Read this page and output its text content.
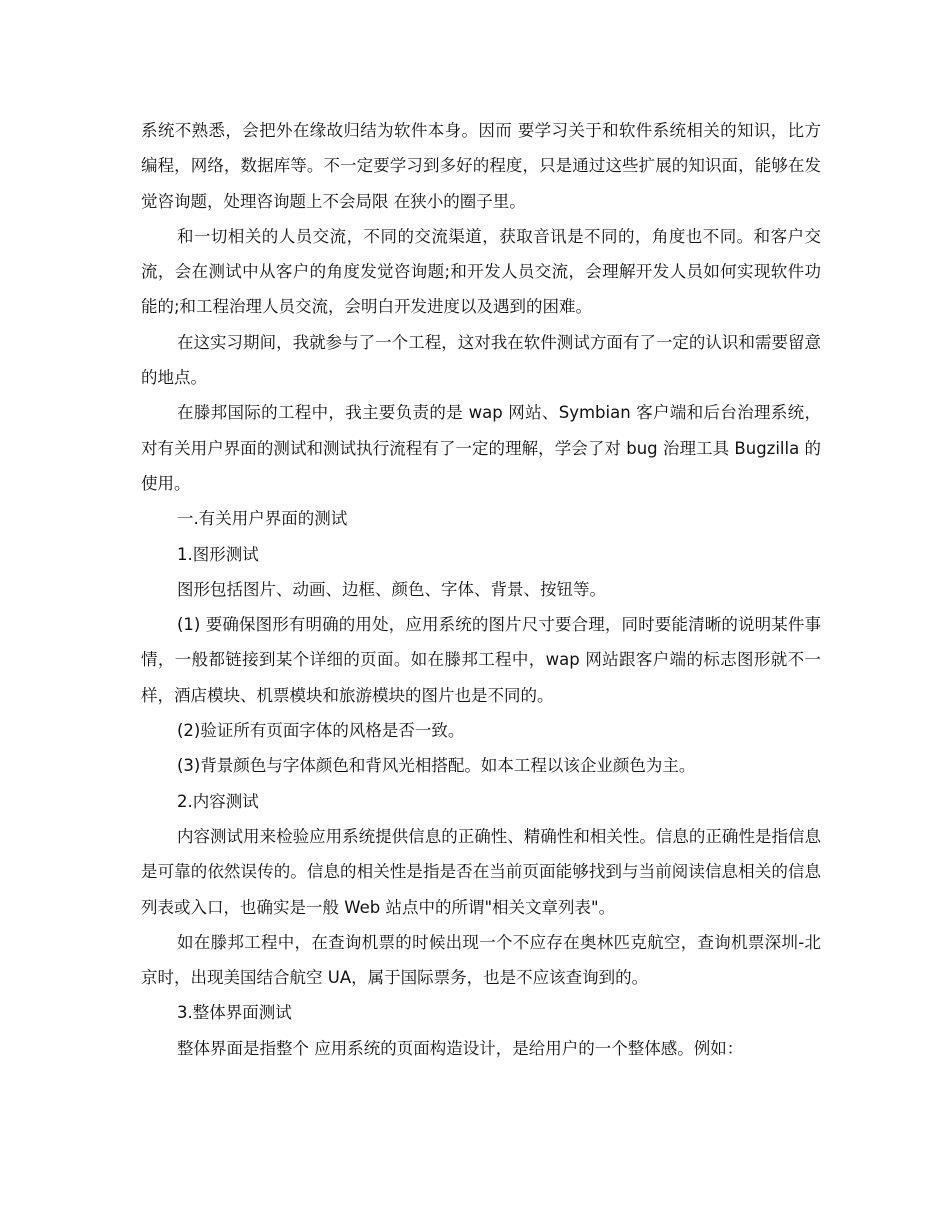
系统不熟悉，会把外在缘故归结为软件本身。因而 要学习关于和软件系统相关的知识，比方编程，网络，数据库等。不一定要学习到多好的程度，只是通过这些扩展的知识面，能够在发觉咨询题，处理咨询题上不会局限 在狭小的圈子里。

和一切相关的人员交流，不同的交流渠道，获取音讯是不同的，角度也不同。和客户交流，会在测试中从客户的角度发觉咨询题;和开发人员交流，会理解开发人员如何实现软件功能的;和工程治理人员交流，会明白开发进度以及遇到的困难。

在这实习期间，我就参与了一个工程，这对我在软件测试方面有了一定的认识和需要留意的地点。

在滕邦国际的工程中，我主要负责的是 wap 网站、Symbian 客户端和后台治理系统，对有关用户界面的测试和测试执行流程有了一定的理解，学会了对 bug 治理工具 Bugzilla 的使用。

一.有关用户界面的测试

1.图形测试

图形包括图片、动画、边框、颜色、字体、背景、按钮等。

(1) 要确保图形有明确的用处，应用系统的图片尺寸要合理，同时要能清晰的说明某件事情，一般都链接到某个详细的页面。如在滕邦工程中，wap 网站跟客户端的标志图形就不一样，酒店模块、机票模块和旅游模块的图片也是不同的。

(2)验证所有页面字体的风格是否一致。

(3)背景颜色与字体颜色和背风光相搭配。如本工程以该企业颜色为主。

2.内容测试

内容测试用来检验应用系统提供信息的正确性、精确性和相关性。信息的正确性是指信息是可靠的依然误传的。信息的相关性是指是否在当前页面能够找到与当前阅读信息相关的信息列表或入口，也确实是一般 Web 站点中的所谓"相关文章列表"。

如在滕邦工程中，在查询机票的时候出现一个不应存在奥林匹克航空，查询机票深圳-北京时，出现美国结合航空 UA，属于国际票务，也是不应该查询到的。

3.整体界面测试

整体界面是指整个 应用系统的页面构造设计，是给用户的一个整体感。例如：
